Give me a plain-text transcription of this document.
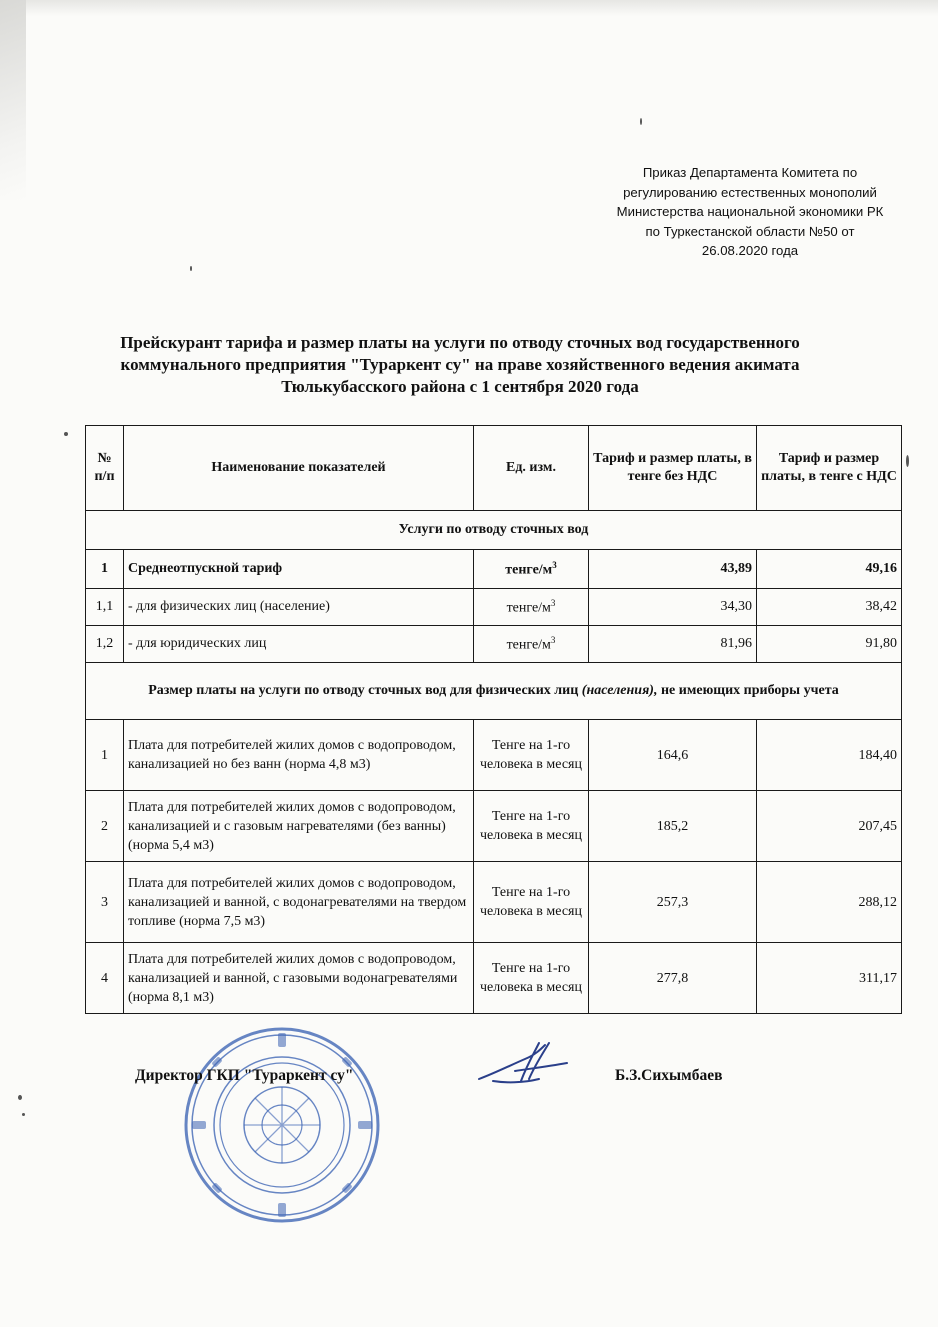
Приказ Департамента Комитета по
регулированию естественных монополий
Министерства национальной экономики РК
по Туркестанской области №50 от
26.08.2020 года
Прейскурант тарифа и размер платы на услуги по отводу сточных вод государственного
коммунального предприятия "Тураркент су" на праве хозяйственного ведения акимата
Тюлькубасского района с 1 сентября 2020 года
№ п/п	Наименование показателей	Ед. изм.	Тариф и размер платы, в тенге без НДС	Тариф и размер платы, в тенге с НДС
Услуги по отводу сточных вод				
1	Среднеотпускной тариф	тенге/$м^3$	43,89	49,16
1,1	- для физических лиц (население)	тенге/$м^3$	34,30	38,42
1,2	- для юридических лиц	тенге/$м^3$	81,96	91,80
Размер платы на услуги по отводу сточных вод для физических лиц (населения), не имеющих приборы учета				
1	Плата для потребителей жилих домов с водопроводом, канализацией но без ванн (норма 4,8 м3)	Тенге на 1-го человека в месяц	164,6	184,40
2	Плата для потребителей жилих домов с водопроводом, канализацией и с газовым нагревателями (без ванны) (норма 5,4 м3)	Тенге на 1-го человека в месяц	185,2	207,45
3	Плата для потребителей жилих домов с водопроводом, канализацией и ванной, с водонагревателями на твердом топливе (норма 7,5 м3)	Тенге на 1-го человека в месяц	257,3	288,12
4	Плата для потребителей жилих домов с водопроводом, канализацией и ванной, с газовыми водонагревателями (норма 8,1 м3)	Тенге на 1-го человека в месяц	277,8	311,17
Директор ГКП "Тураркент су"	Б.З.Сихымбаев
